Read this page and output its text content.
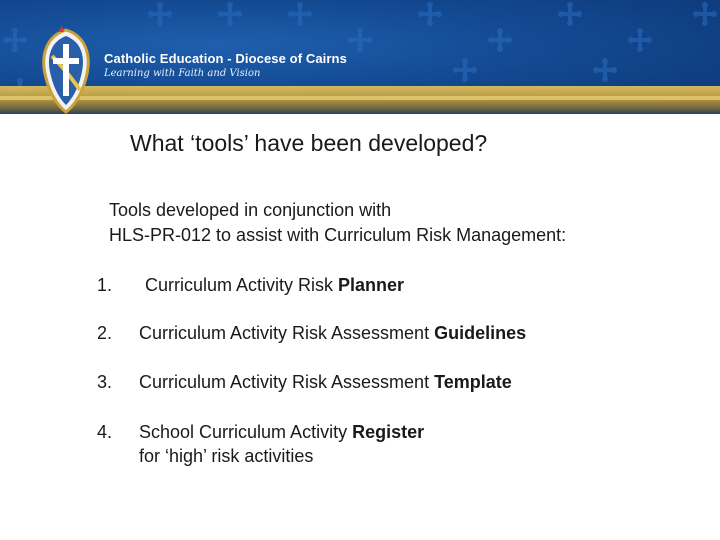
Catholic Education - Diocese of Cairns
Learning with Faith and Vision
What ‘tools’ have been developed?
Tools developed in conjunction with
HLS-PR-012 to assist with Curriculum Risk Management:
1. Curriculum Activity Risk Planner
2. Curriculum Activity Risk Assessment Guidelines
3. Curriculum Activity Risk Assessment Template
4. School Curriculum Activity Register
for ‘high’ risk activities
